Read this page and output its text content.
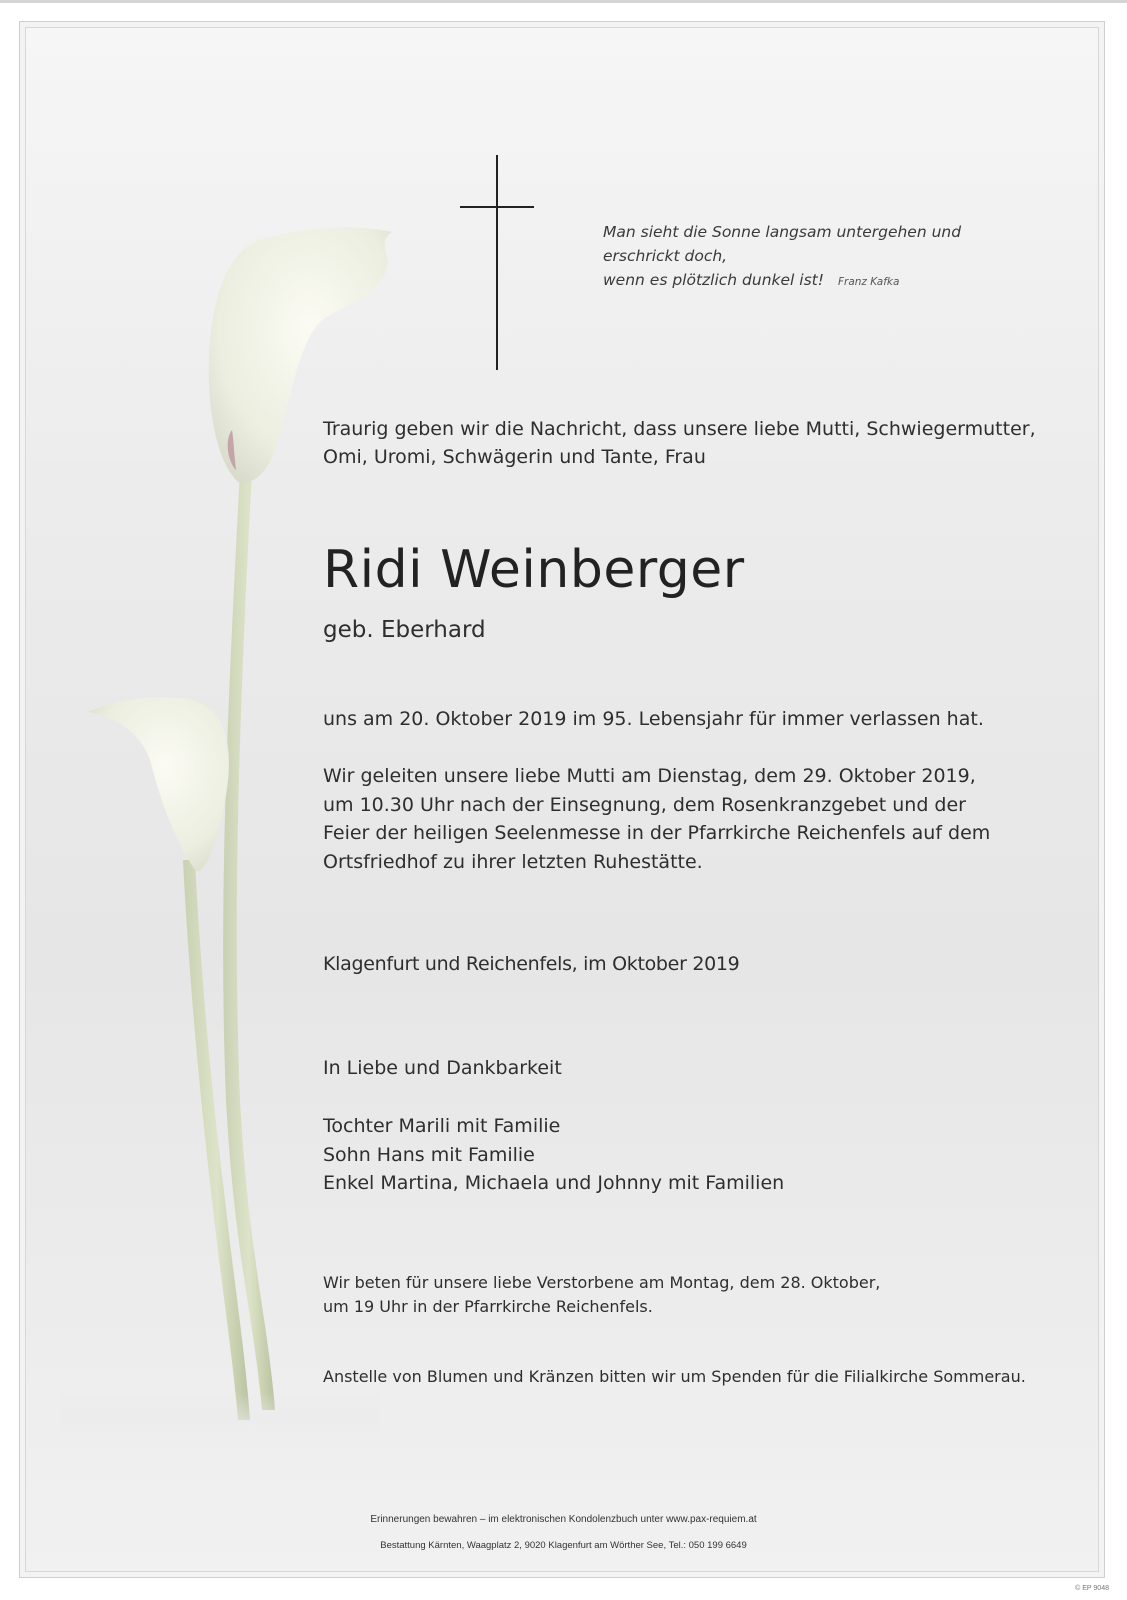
Man sieht die Sonne langsam untergehen und
erschrickt doch,
wenn es plötzlich dunkel ist! Franz Kafka
Traurig geben wir die Nachricht, dass unsere liebe Mutti, Schwiegermutter,
Omi, Uromi, Schwägerin und Tante, Frau
Ridi Weinberger
geb. Eberhard
uns am 20. Oktober 2019 im 95. Lebensjahr für immer verlassen hat.
Wir geleiten unsere liebe Mutti am Dienstag, dem 29. Oktober 2019,
um 10.30 Uhr nach der Einsegnung, dem Rosenkranzgebet und der
Feier der heiligen Seelenmesse in der Pfarrkirche Reichenfels auf dem
Ortsfriedhof zu ihrer letzten Ruhestätte.
Klagenfurt und Reichenfels, im Oktober 2019
In Liebe und Dankbarkeit
Tochter Marili mit Familie
Sohn Hans mit Familie
Enkel Martina, Michaela und Johnny mit Familien
Wir beten für unsere liebe Verstorbene am Montag, dem 28. Oktober,
um 19 Uhr in der Pfarrkirche Reichenfels.
Anstelle von Blumen und Kränzen bitten wir um Spenden für die Filialkirche Sommerau.
Erinnerungen bewahren – im elektronischen Kondolenzbuch unter www.pax-requiem.at
Bestattung Kärnten, Waagplatz 2, 9020 Klagenfurt am Wörther See, Tel.: 050 199 6649
© EP 9048
